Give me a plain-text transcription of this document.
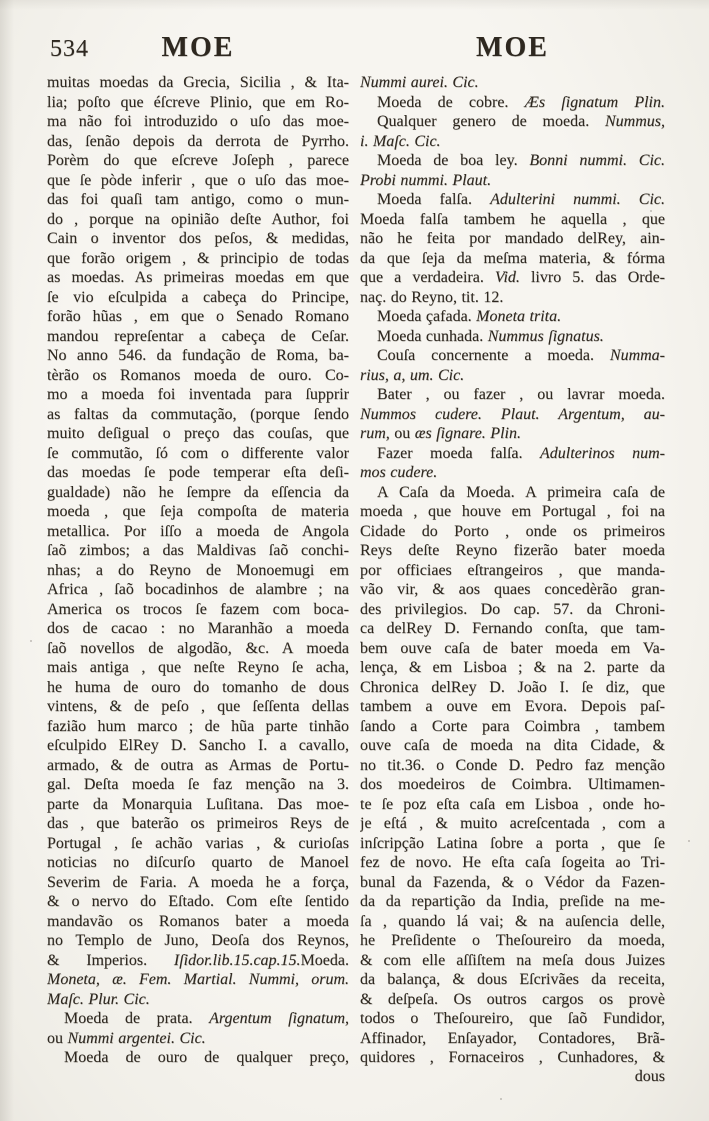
534	MOE	MOE
muitas moedas da Grecia, Sicilia , & Ita-
lia; poſto que éſcreve Plinio, que em Ro-
ma não foi introduzido o uſo das moe-
das, ſenão depois da derrota de Pyrrho.
Porèm do que eſcreve Joſeph , parece
que ſe pòde inferir , que o uſo das moe-
das foi quaſi tam antigo, como o mun-
do , porque na opinião deſte Author, foi
Cain o inventor dos peſos, & medidas,
que forão origem , & principio de todas
as moedas. As primeiras moedas em que
ſe vio eſculpida a cabeça do Principe,
forão hũas , em que o Senado Romano
mandou repreſentar a cabeça de Ceſar.
No anno 546. da fundação de Roma, ba-
tèrão os Romanos moeda de ouro. Co-
mo a moeda foi inventada para ſupprir
as faltas da commutação, (porque ſendo
muito deſigual o preço das couſas, que
ſe commutão, ſó com o differente valor
das moedas ſe pode temperar eſta deſi-
gualdade) não he ſempre da eſſencia da
moeda , que ſeja compoſta de materia
metallica. Por iſſo a moeda de Angola
ſaõ zimbos; a das Maldivas ſaõ conchi-
nhas; a do Reyno de Monoemugi em
Africa , ſaõ bocadinhos de alambre ; na
America os trocos ſe fazem com boca-
dos de cacao : no Maranhão a moeda
ſaõ novellos de algodão, &c. A moeda
mais antiga , que neſte Reyno ſe acha,
he huma de ouro do tomanho de dous
vintens, & de peſo , que ſeſſenta dellas
fazião hum marco ; de hũa parte tinhão
eſculpido ElRey D. Sancho I. a cavallo,
armado, & de outra as Armas de Portu-
gal. Deſta moeda ſe faz menção na 3.
parte da Monarquia Luſitana. Das moe-
das , que baterão os primeiros Reys de
Portugal , ſe achão varias , & curioſas
noticias no diſcurſo quarto de Manoel
Severim de Faria. A moeda he a força,
& o nervo do Eſtado. Com eſte ſentido
mandavão os Romanos bater a moeda
no Templo de Juno, Deoſa dos Reynos,
& Imperios. Iſidor.lib.15.cap.15.Moeda.
Moneta, æ. Fem. Martial. Nummi, orum.
Maſc. Plur. Cic.
Moeda de prata. Argentum ſignatum,
ou Nummi argentei. Cic.
Moeda de ouro de qualquer preço,
Nummi aurei. Cic.
Moeda de cobre. Æs ſignatum Plin.
Qualquer genero de moeda. Nummus,
i. Maſc. Cic.
Moeda de boa ley. Bonni nummi. Cic.
Probi nummi. Plaut.
Moeda falſa. Adulterini nummi. Cic.
Moeda falſa tambem he aquella , que
não he feita por mandado delRey, ain-
da que ſeja da meſma materia, & fórma
que a verdadeira. Vid. livro 5. das Orde-
naç. do Reyno, tit. 12.
Moeda çafada. Moneta trita.
Moeda cunhada. Nummus ſignatus.
Couſa concernente a moeda. Numma-
rius, a, um. Cic.
Bater , ou fazer , ou lavrar moeda.
Nummos cudere. Plaut. Argentum, au-
rum, ou æs ſignare. Plin.
Fazer moeda falſa. Adulterinos num-
mos cudere.
A Caſa da Moeda. A primeira caſa de
moeda , que houve em Portugal , foi na
Cidade do Porto , onde os primeiros
Reys deſte Reyno fizerão bater moeda
por officiaes eſtrangeiros , que manda-
vão vir, & aos quaes concedèrão gran-
des privilegios. Do cap. 57. da Chroni-
ca delRey D. Fernando conſta, que tam-
bem ouve caſa de bater moeda em Va-
lença, & em Lisboa ; & na 2. parte da
Chronica delRey D. João I. ſe diz, que
tambem a ouve em Evora. Depois paſ-
ſando a Corte para Coimbra , tambem
ouve caſa de moeda na dita Cidade, &
no tit.36. o Conde D. Pedro faz menção
dos moedeiros de Coimbra. Ultimamen-
te ſe poz eſta caſa em Lisboa , onde ho-
je eſtá , & muito acreſcentada , com a
inſcripção Latina ſobre a porta , que ſe
fez de novo. He eſta caſa ſogeita ao Tri-
bunal da Fazenda, & o Védor da Fazen-
da da repartição da India, preſide na me-
ſa , quando lá vai; & na auſencia delle,
he Preſidente o Theſoureiro da moeda,
& com elle aſſiſtem na meſa dous Juizes
da balança, & dous Eſcrivães da receita,
& deſpeſa. Os outros cargos os provè
todos o Theſoureiro, que ſaõ Fundidor,
Affinador, Enſayador, Contadores, Brã-
quidores , Fornaceiros , Cunhadores, &
dous
